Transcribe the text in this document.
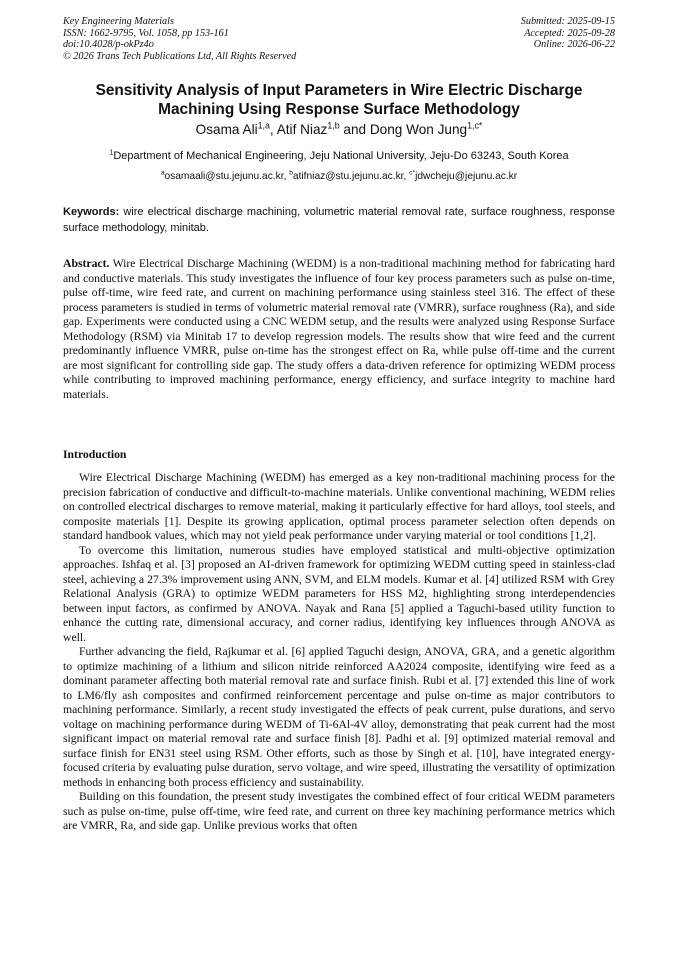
Key Engineering Materials
ISSN: 1662-9795, Vol. 1058, pp 153-161
doi:10.4028/p-okPz4o
© 2026 Trans Tech Publications Ltd, All Rights Reserved
Submitted: 2025-09-15
Accepted: 2025-09-28
Online: 2026-06-22
Sensitivity Analysis of Input Parameters in Wire Electric Discharge
Machining Using Response Surface Methodology
Osama Ali$^{1,a}$, Atif Niaz$^{1,b}$ and Dong Won Jung$^{1,c*}$
$^1$Department of Mechanical Engineering, Jeju National University, Jeju-Do 63243, South Korea
$^a$osamaali@stu.jejunu.ac.kr, $^b$atifniaz@stu.jejunu.ac.kr, $^{c*}$jdwcheju@jejunu.ac.kr
Keywords: wire electrical discharge machining, volumetric material removal rate, surface roughness, response surface methodology, minitab.
Abstract. Wire Electrical Discharge Machining (WEDM) is a non-traditional machining method for fabricating hard and conductive materials. This study investigates the influence of four key process parameters such as pulse on-time, pulse off-time, wire feed rate, and current on machining performance using stainless steel 316. The effect of these process parameters is studied in terms of volumetric material removal rate (VMRR), surface roughness (Ra), and side gap. Experiments were conducted using a CNC WEDM setup, and the results were analyzed using Response Surface Methodology (RSM) via Minitab 17 to develop regression models. The results show that wire feed and the current predominantly influence VMRR, pulse on-time has the strongest effect on Ra, while pulse off-time and the current are most significant for controlling side gap. The study offers a data-driven reference for optimizing WEDM process while contributing to improved machining performance, energy efficiency, and surface integrity to machine hard materials.
Introduction

Wire Electrical Discharge Machining (WEDM) has emerged as a key non-traditional machining process for the precision fabrication of conductive and difficult-to-machine materials. Unlike conventional machining, WEDM relies on controlled electrical discharges to remove material, making it particularly effective for hard alloys, tool steels, and composite materials [1]. Despite its growing application, optimal process parameter selection often depends on standard handbook values, which may not yield peak performance under varying material or tool conditions [1,2].

To overcome this limitation, numerous studies have employed statistical and multi-objective optimization approaches. Ishfaq et al. [3] proposed an AI-driven framework for optimizing WEDM cutting speed in stainless-clad steel, achieving a 27.3% improvement using ANN, SVM, and ELM models. Kumar et al. [4] utilized RSM with Grey Relational Analysis (GRA) to optimize WEDM parameters for HSS M2, highlighting strong interdependencies between input factors, as confirmed by ANOVA. Nayak and Rana [5] applied a Taguchi-based utility function to enhance the cutting rate, dimensional accuracy, and corner radius, identifying key influences through ANOVA as well.

Further advancing the field, Rajkumar et al. [6] applied Taguchi design, ANOVA, GRA, and a genetic algorithm to optimize machining of a lithium and silicon nitride reinforced AA2024 composite, identifying wire feed as a dominant parameter affecting both material removal rate and surface finish. Rubi et al. [7] extended this line of work to LM6/fly ash composites and confirmed reinforcement percentage and pulse on-time as major contributors to machining performance. Similarly, a recent study investigated the effects of peak current, pulse durations, and servo voltage on machining performance during WEDM of Ti-6Al-4V alloy, demonstrating that peak current had the most significant impact on material removal rate and surface finish [8]. Padhi et al. [9] optimized material removal and surface finish for EN31 steel using RSM. Other efforts, such as those by Singh et al. [10], have integrated energy-focused criteria by evaluating pulse duration, servo voltage, and wire speed, illustrating the versatility of optimization methods in enhancing both process efficiency and sustainability.

Building on this foundation, the present study investigates the combined effect of four critical WEDM parameters such as pulse on-time, pulse off-time, wire feed rate, and current on three key machining performance metrics which are VMRR, Ra, and side gap. Unlike previous works that often
